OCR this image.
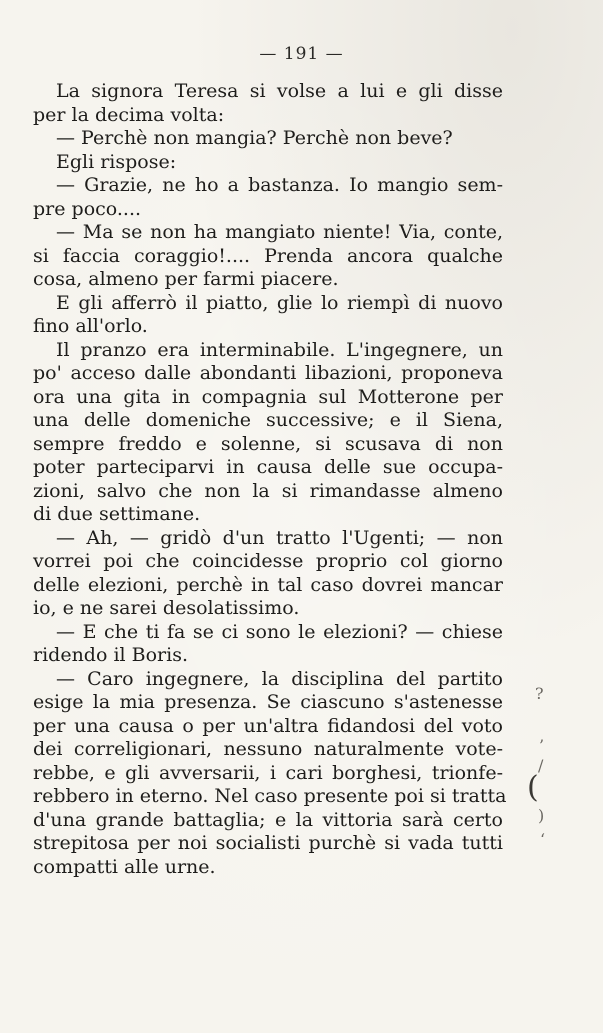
— 191 —
La signora Teresa si volse a lui e gli disse
per la decima volta:
— Perchè non mangia? Perchè non beve?
Egli rispose:
— Grazie, ne ho a bastanza. Io mangio sem-
pre poco....
— Ma se non ha mangiato niente! Via, conte,
si faccia coraggio!.... Prenda ancora qualche
cosa, almeno per farmi piacere.
E gli afferrò il piatto, glie lo riempì di nuovo
fino all'orlo.
Il pranzo era interminabile. L'ingegnere, un
po' acceso dalle abondanti libazioni, proponeva
ora una gita in compagnia sul Motterone per
una delle domeniche successive; e il Siena,
sempre freddo e solenne, si scusava di non
poter parteciparvi in causa delle sue occupa-
zioni, salvo che non la si rimandasse almeno
di due settimane.
— Ah, — gridò d'un tratto l'Ugenti; — non
vorrei poi che coincidesse proprio col giorno
delle elezioni, perchè in tal caso dovrei mancar
io, e ne sarei desolatissimo.
— E che ti fa se ci sono le elezioni? — chiese
ridendo il Boris.
— Caro ingegnere, la disciplina del partito
esige la mia presenza. Se ciascuno s'astenesse
per una causa o per un'altra fidandosi del voto
dei correligionari, nessuno naturalmente vote-
rebbe, e gli avversarii, i cari borghesi, trionfe-
rebbero in eterno. Nel caso presente poi si tratta
d'una grande battaglia; e la vittoria sarà certo
strepitosa per noi socialisti purchè si vada tutti
compatti alle urne.
?
’
/
(
)
‘
